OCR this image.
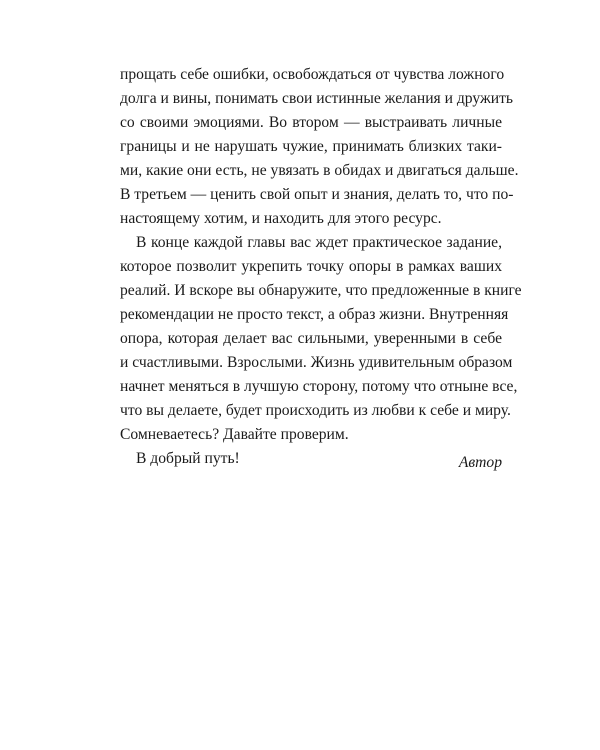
прощать себе ошибки, освобождаться от чувства ложного
долга и вины, понимать свои истинные желания и дружить
со своими эмоциями. Во втором — выстраивать личные
границы и не нарушать чужие, принимать близких таки-
ми, какие они есть, не увязать в обидах и двигаться дальше.
В третьем — ценить свой опыт и знания, делать то, что по-
настоящему хотим, и находить для этого ресурс.
В конце каждой главы вас ждет практическое задание,
которое позволит укрепить точку опоры в рамках ваших
реалий. И вскоре вы обнаружите, что предложенные в книге
рекомендации не просто текст, а образ жизни. Внутренняя
опора, которая делает вас сильными, уверенными в себе
и счастливыми. Взрослыми. Жизнь удивительным образом
начнет меняться в лучшую сторону, потому что отныне все,
что вы делаете, будет происходить из любви к себе и миру.
Сомневаетесь? Давайте проверим.
В добрый путь!	Автор
